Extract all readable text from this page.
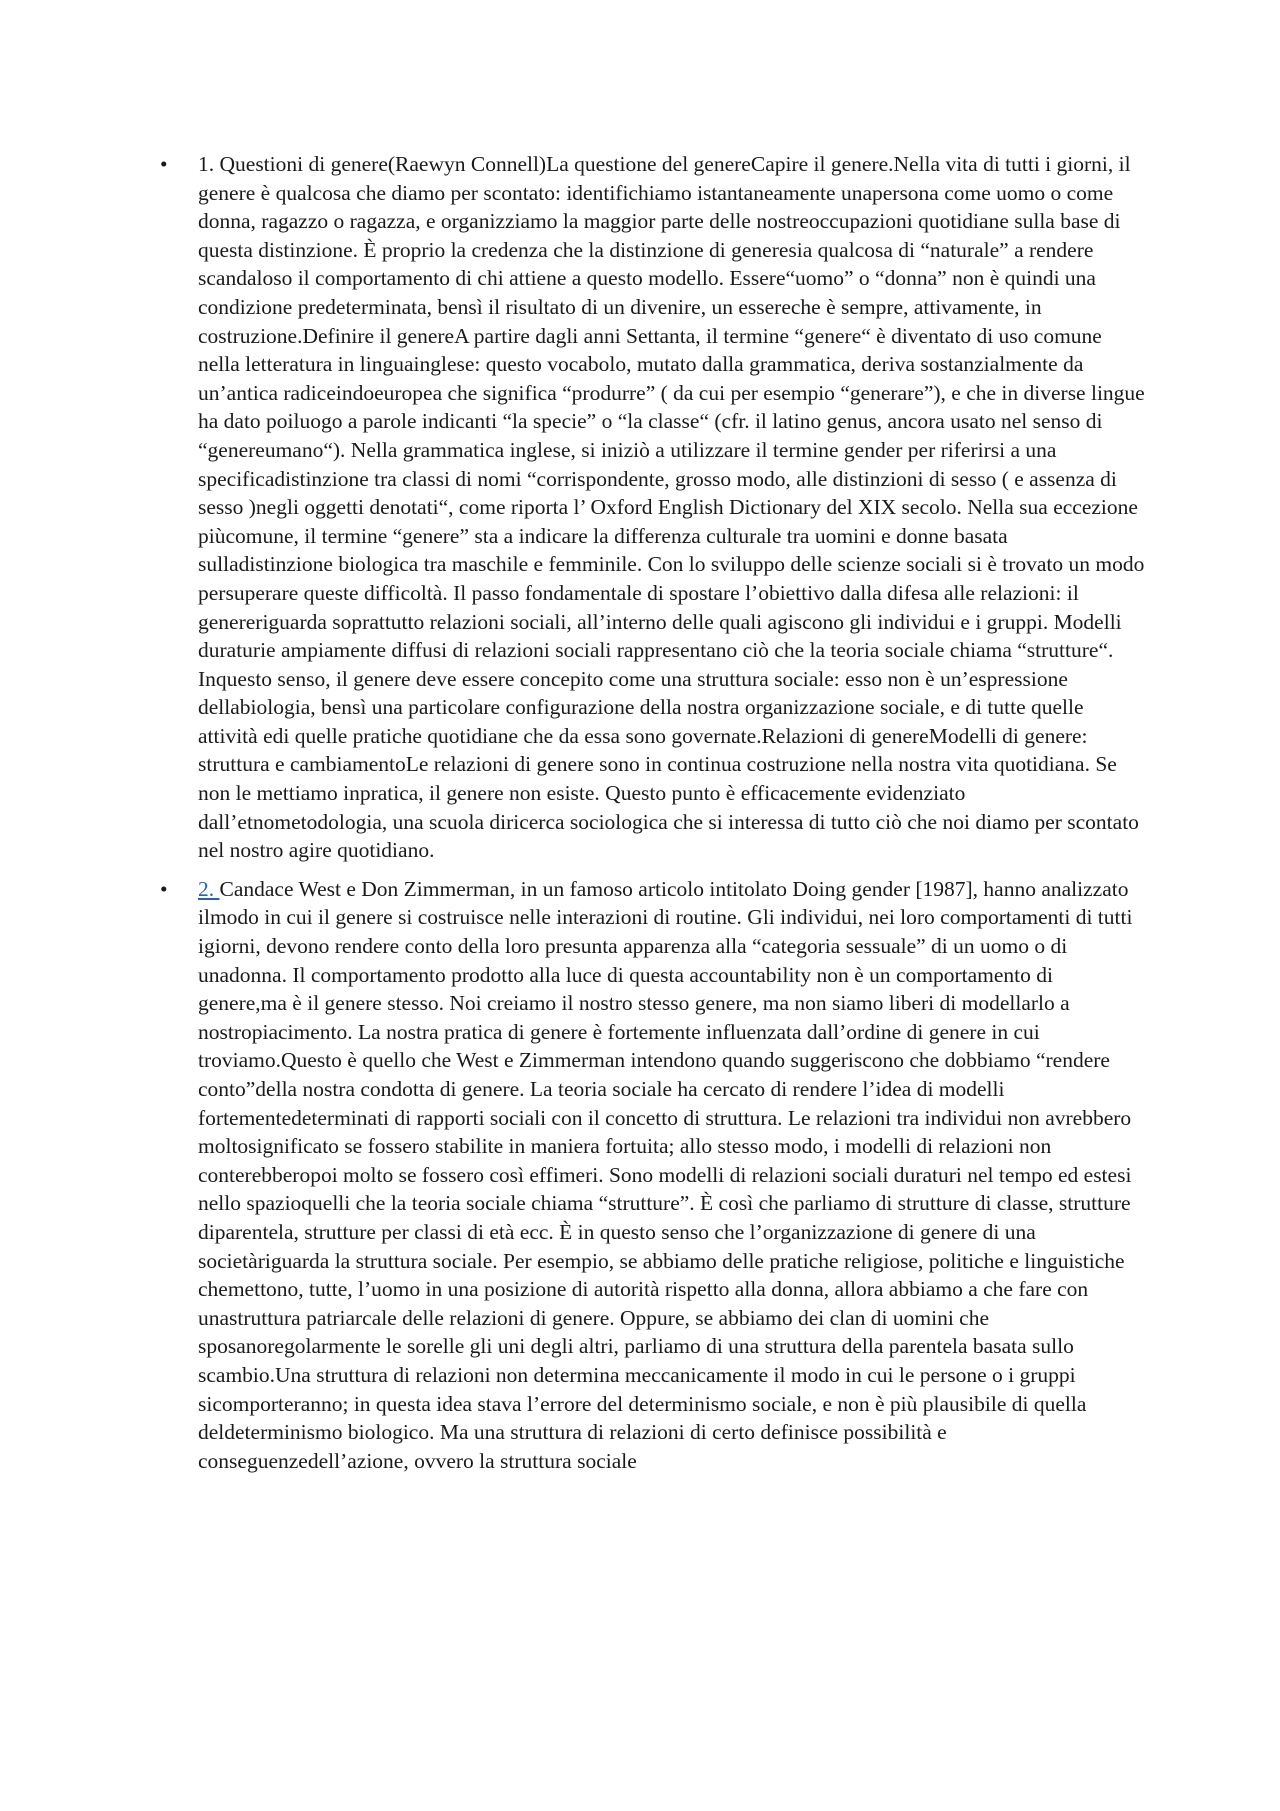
• 1. Questioni di genere(Raewyn Connell)La questione del genereCapire il genere.Nella vita di tutti i giorni, il genere è qualcosa che diamo per scontato: identifichiamo istantaneamente unapersona come uomo o come donna, ragazzo o ragazza, e organizziamo la maggior parte delle nostreoccupazioni quotidiane sulla base di questa distinzione. È proprio la credenza che la distinzione di generesia qualcosa di “naturale” a rendere scandaloso il comportamento di chi attiene a questo modello. Essere“uomo” o “donna” non è quindi una condizione predeterminata, bensì il risultato di un divenire, un essereche è sempre, attivamente, in costruzione.Definire il genereA partire dagli anni Settanta, il termine “genere“ è diventato di uso comune nella letteratura in linguainglese: questo vocabolo, mutato dalla grammatica, deriva sostanzialmente da un’antica radiceindoeuropea che significa “produrre” ( da cui per esempio “generare”), e che in diverse lingue ha dato poiluogo a parole indicanti “la specie” o “la classe“ (cfr. il latino genus, ancora usato nel senso di “genereumano“). Nella grammatica inglese, si iniziò a utilizzare il termine gender per riferirsi a una specificadistinzione tra classi di nomi “corrispondente, grosso modo, alle distinzioni di sesso ( e assenza di sesso )negli oggetti denotati“, come riporta l’ Oxford English Dictionary del XIX secolo. Nella sua eccezione piùcomune, il termine “genere” sta a indicare la differenza culturale tra uomini e donne basata sulladistinzione biologica tra maschile e femminile. Con lo sviluppo delle scienze sociali si è trovato un modo persuperare queste difficoltà. Il passo fondamentale di spostare l’obiettivo dalla difesa alle relazioni: il genereriguarda soprattutto relazioni sociali, all’interno delle quali agiscono gli individui e i gruppi. Modelli duraturie ampiamente diffusi di relazioni sociali rappresentano ciò che la teoria sociale chiama “strutture“. Inquesto senso, il genere deve essere concepito come una struttura sociale: esso non è un’espressione dellabiologia, bensì una particolare configurazione della nostra organizzazione sociale, e di tutte quelle attività edi quelle pratiche quotidiane che da essa sono governate.Relazioni di genereModelli di genere: struttura e cambiamentoLe relazioni di genere sono in continua costruzione nella nostra vita quotidiana. Se non le mettiamo inpratica, il genere non esiste. Questo punto è efficacemente evidenziato dall’etnometodologia, una scuola diricerca sociologica che si interessa di tutto ciò che noi diamo per scontato nel nostro agire quotidiano.
• 2. Candace West e Don Zimmerman, in un famoso articolo intitolato Doing gender [1987], hanno analizzato ilmodo in cui il genere si costruisce nelle interazioni di routine. Gli individui, nei loro comportamenti di tutti igiorni, devono rendere conto della loro presunta apparenza alla “categoria sessuale” di un uomo o di unadonna. Il comportamento prodotto alla luce di questa accountability non è un comportamento di genere,ma è il genere stesso. Noi creiamo il nostro stesso genere, ma non siamo liberi di modellarlo a nostropiacimento. La nostra pratica di genere è fortemente influenzata dall’ordine di genere in cui troviamo.Questo è quello che West e Zimmerman intendono quando suggeriscono che dobbiamo “rendere conto”della nostra condotta di genere. La teoria sociale ha cercato di rendere l’idea di modelli fortementedeterminati di rapporti sociali con il concetto di struttura. Le relazioni tra individui non avrebbero moltosignificato se fossero stabilite in maniera fortuita; allo stesso modo, i modelli di relazioni non conterebberopoi molto se fossero così effimeri. Sono modelli di relazioni sociali duraturi nel tempo ed estesi nello spazioquelli che la teoria sociale chiama “strutture”. È così che parliamo di strutture di classe, strutture diparentela, strutture per classi di età ecc. È in questo senso che l’organizzazione di genere di una societàriguarda la struttura sociale. Per esempio, se abbiamo delle pratiche religiose, politiche e linguistiche chemettono, tutte, l’uomo in una posizione di autorità rispetto alla donna, allora abbiamo a che fare con unastruttura patriarcale delle relazioni di genere. Oppure, se abbiamo dei clan di uomini che sposanoregolarmente le sorelle gli uni degli altri, parliamo di una struttura della parentela basata sullo scambio.Una struttura di relazioni non determina meccanicamente il modo in cui le persone o i gruppi sicomporteranno; in questa idea stava l’errore del determinismo sociale, e non è più plausibile di quella deldeterminismo biologico. Ma una struttura di relazioni di certo definisce possibilità e conseguenzedell’azione, ovvero la struttura sociale
